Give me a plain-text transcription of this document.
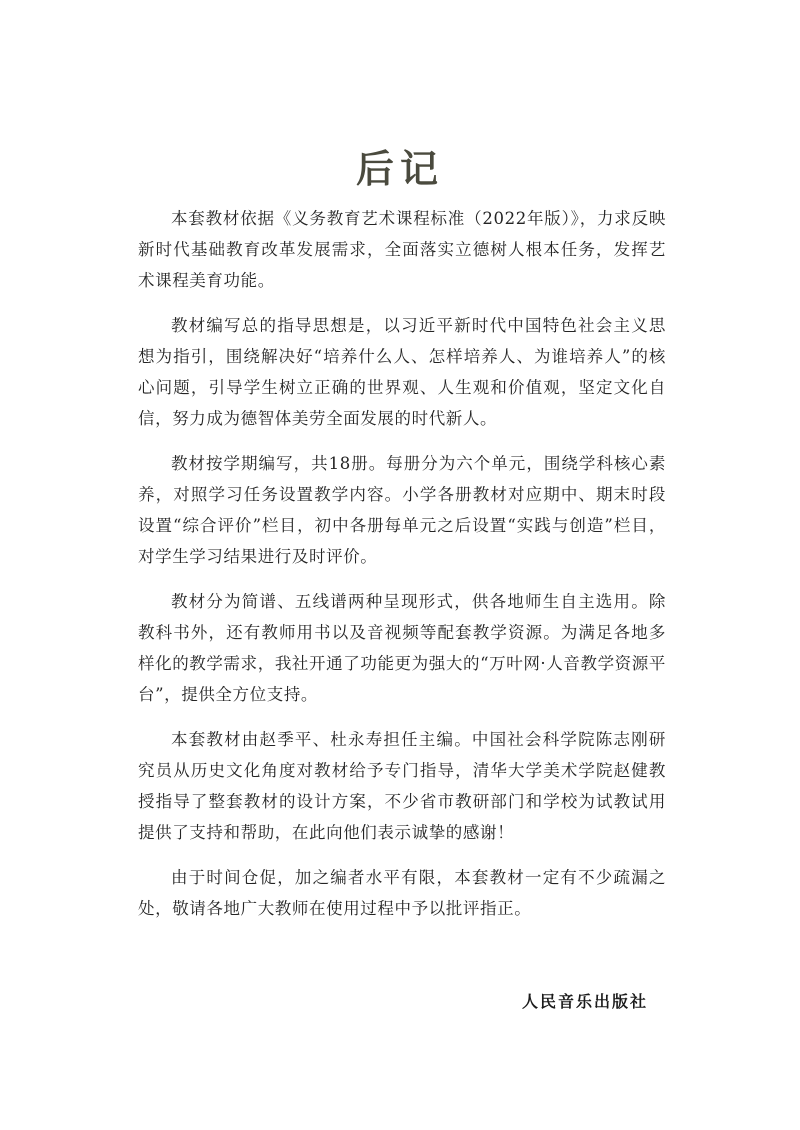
后记

本套教材依据《义务教育艺术课程标准（2022年版）》，力求反映新时代基础教育改革发展需求，全面落实立德树人根本任务，发挥艺术课程美育功能。

教材编写总的指导思想是，以习近平新时代中国特色社会主义思想为指引，围绕解决好“培养什么人、怎样培养人、为谁培养人”的核心问题，引导学生树立正确的世界观、人生观和价值观，坚定文化自信，努力成为德智体美劳全面发展的时代新人。

教材按学期编写，共18册。每册分为六个单元，围绕学科核心素养，对照学习任务设置教学内容。小学各册教材对应期中、期末时段设置“综合评价”栏目，初中各册每单元之后设置“实践与创造”栏目，对学生学习结果进行及时评价。

教材分为简谱、五线谱两种呈现形式，供各地师生自主选用。除教科书外，还有教师用书以及音视频等配套教学资源。为满足各地多样化的教学需求，我社开通了功能更为强大的“万叶网·人音教学资源平台”，提供全方位支持。

本套教材由赵季平、杜永寿担任主编。中国社会科学院陈志刚研究员从历史文化角度对教材给予专门指导，清华大学美术学院赵健教授指导了整套教材的设计方案，不少省市教研部门和学校为试教试用提供了支持和帮助，在此向他们表示诚挚的感谢！

由于时间仓促，加之编者水平有限，本套教材一定有不少疏漏之处，敬请各地广大教师在使用过程中予以批评指正。

人民音乐出版社
